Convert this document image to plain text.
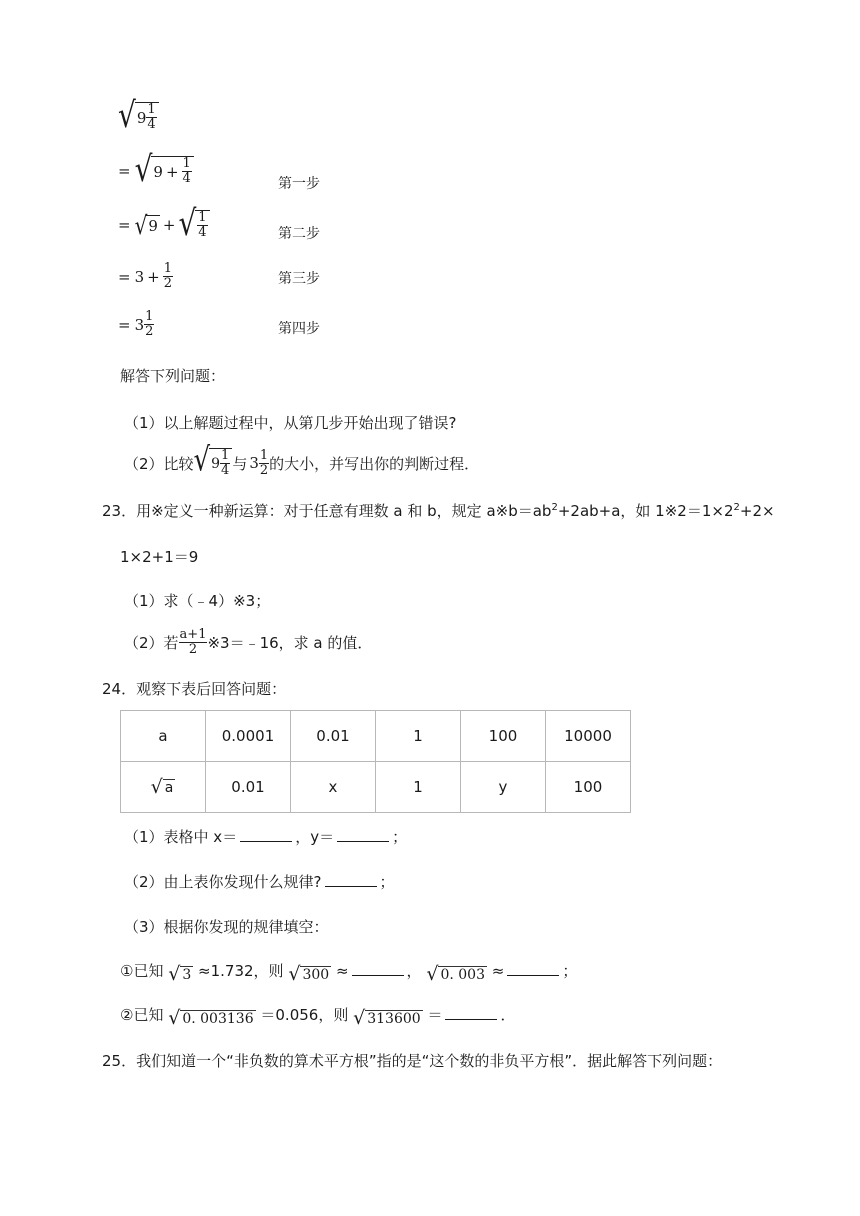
√ $9 \frac{1}{4}$
= √ $9 + \frac{1}{4}$	第一步
= √ 9 + √ $\frac{1}{4}$	第二步
= $3 + \frac{1}{2}$	第三步
= $3 \frac{1}{2}$	第四步
解答下列问题：
（1）以上解题过程中，从第几步开始出现了错误?
（2）比较 √ $9 \frac{1}{4}$ 与 $3 \frac{1}{2}$ 的大小，并写出你的判断过程．
23．用※定义一种新运算：对于任意有理数 a 和 b，规定 $a※b=ab^2+2ab+a$，如 $1※2=1\times 2^2+2\times$
1×2+1＝9
（1）求（﹣4）※3；
（2）若 $\frac{a+1}{2}$ ※3＝﹣16，求 a 的值．
24．观察下表后回答问题：
a	0.0001	0.01	1	100	10000

√ a	0.01	x	1	y	100
（1）表格中 x＝	，y＝	；
（2）由上表你发现什么规律?	；
（3）根据你发现的规律填空：
①已知 √ 3 ≈1.732，则 √ 300 ≈	， √ 0. 003 ≈	；
②已知 √ 0. 003136 ＝0.056，则 √ 313600 ＝	．
25．我们知道一个“非负数的算术平方根”指的是“这个数的非负平方根”．据此解答下列问题：
